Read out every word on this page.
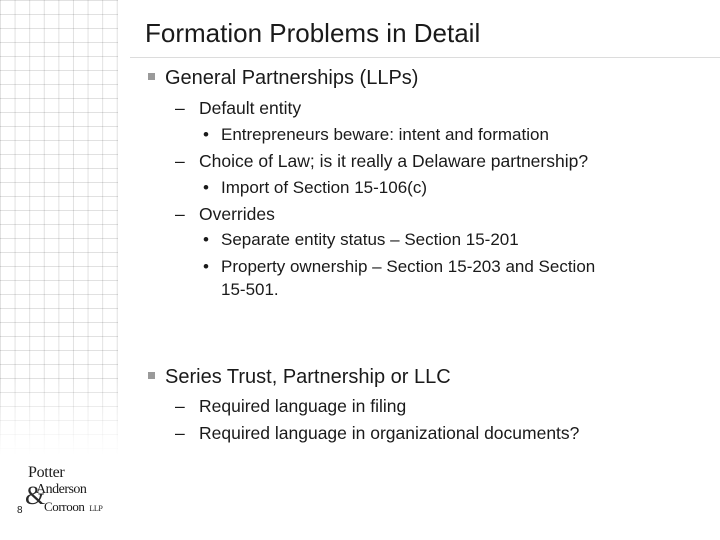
Formation Problems in Detail
General Partnerships (LLPs)
– Default entity
• Entrepreneurs beware: intent and formation
– Choice of Law; is it really a Delaware partnership?
• Import of Section 15-106(c)
– Overrides
• Separate entity status – Section 15-201
• Property ownership – Section 15-203 and Section
15-501.
Series Trust, Partnership or LLC
– Required language in filing
– Required language in organizational documents?
8
Potter
Anderson
&
Corroon LLP
